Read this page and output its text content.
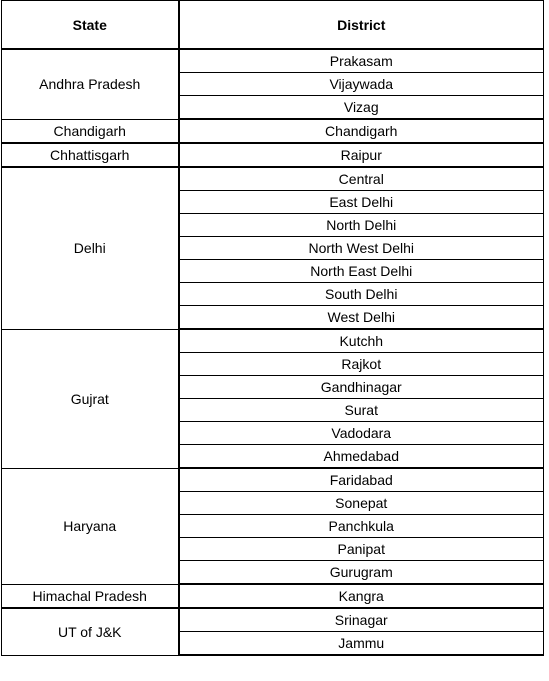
State	District
Andhra Pradesh	Prakasam
	Vijaywada
	Vizag
Chandigarh	Chandigarh
Chhattisgarh	Raipur
Delhi	Central
	East Delhi
	North Delhi
	North West Delhi
	North East Delhi
	South Delhi
	West Delhi
Gujrat	Kutchh
	Rajkot
	Gandhinagar
	Surat
	Vadodara
	Ahmedabad
Haryana	Faridabad
	Sonepat
	Panchkula
	Panipat
	Gurugram
Himachal Pradesh	Kangra
UT of J&K	Srinagar
	Jammu
